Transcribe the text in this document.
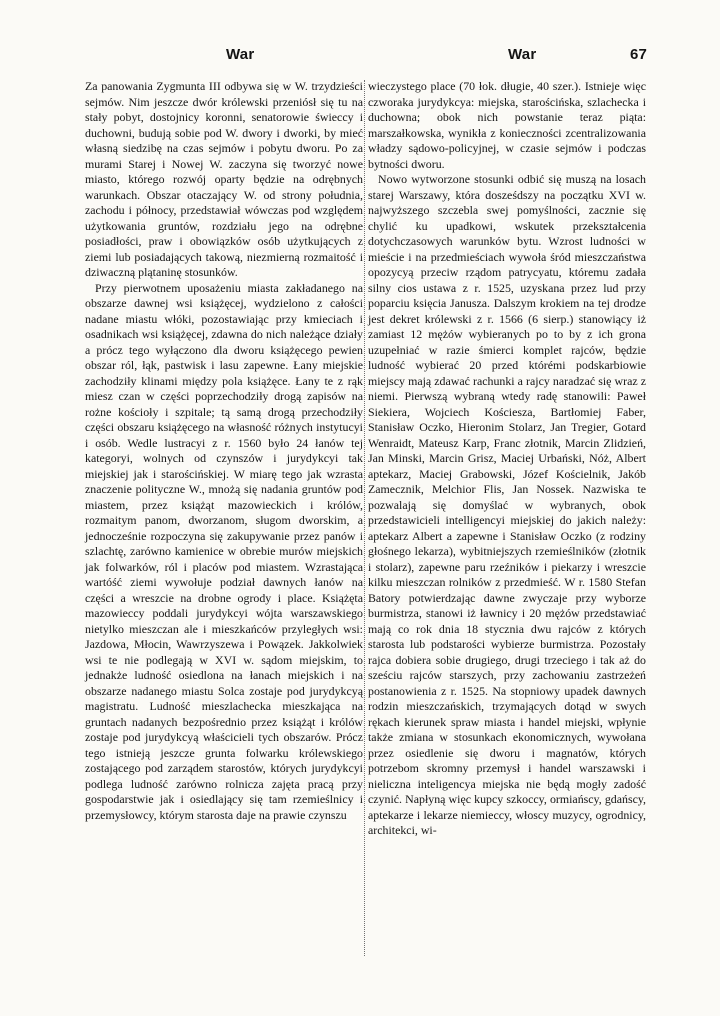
War	War	67

Za panowania Zygmunta III odbywa się w W. trzydzieści sejmów. Nim jeszcze dwór królewski przeniósł się tu na stały pobyt, dostojnicy koronni, senatorowie świeccy i duchowni, budują sobie pod W. dwory i dworki, by mieć własną siedzibę na czas sejmów i pobytu dworu. Po za murami Starej i Nowej W. zaczyna się tworzyć nowe miasto, którego rozwój oparty będzie na odrębnych warunkach. Obszar otaczający W. od strony południa, zachodu i północy, przedstawiał wówczas pod względem użytkowania gruntów, rozdziału jego na odrębne posiadłości, praw i obowiązków osób użytkujących z ziemi lub posiadających takową, niezmierną rozmaitość i dziwaczną plątaninę stosunków.

Przy pierwotnem uposażeniu miasta zakładanego na obszarze dawnej wsi książęcej, wydzielono z całości nadane miastu włóki, pozostawiając przy kmieciach i osadnikach wsi książęcej, zdawna do nich należące działy a prócz tego wyłączono dla dworu książęcego pewien obszar ról, łąk, pastwisk i lasu zapewne. Łany miejskie zachodziły klinami między pola książęce. Łany te z rąk miesz czan w części poprzechodziły drogą zapisów na rożne kościoły i szpitale; tą samą drogą przechodziły części obszaru książęcego na własność różnych instytucyi i osób. Wedle lustracyi z r. 1560 było 24 łanów tej kategoryi, wolnych od czynszów i jurydykcyi tak miejskiej jak i starościńskiej. W miarę tego jak wzrasta znaczenie polityczne W., mnożą się nadania gruntów pod miastem, przez książąt mazowieckich i królów, rozmaitym panom, dworzanom, sługom dworskim, a jednocześnie rozpoczyna się zakupywanie przez panów i szlachtę, zarówno kamienice w obrebie murów miejskich jak folwarków, ról i placów pod miastem. Wzrastająca wartóść ziemi wywołuje podział dawnych łanów na części a wreszcie na drobne ogrody i place. Książęta mazowieccy poddali jurydykcyi wójta warszawskiego nietylko mieszczan ale i mieszkańców przyległych wsi: Jazdowa, Młocin, Wawrzyszewa i Powązek. Jakkolwiek wsi te nie podlegają w XVI w. sądom miejskim, to jednakże ludność osiedlona na łanach miejskich i na obszarze nadanego miastu Solca zostaje pod jurydykcyą magistratu. Ludność mieszlachecka mieszkająca na gruntach nadanych bezpośrednio przez książąt i królów zostaje pod jurydykcyą właścicieli tych obszarów. Prócz tego istnieją jeszcze grunta folwarku królewskiego zostającego pod zarządem starostów, których jurydykcyi podlega ludność zarówno rolnicza zajęta pracą przy gospodarstwie jak i osiedlający się tam rzemieślnicy i przemysłowcy, którym starosta daje na prawie czynszu

wieczystego place (70 łok. długie, 40 szer.). Istnieje więc czworaka jurydykcya: miejska, starościńska, szlachecka i duchowna; obok nich powstanie teraz piąta: marszałkowska, wynikła z konieczności zcentralizowania władzy sądowo-policyjnej, w czasie sejmów i podczas bytności dworu.

Nowo wytworzone stosunki odbić się muszą na losach starej Warszawy, która dosześdszy na początku XVI w. najwyższego szczebla swej pomyślności, zacznie się chylić ku upadkowi, wskutek przekształcenia dotychczasowych warunków bytu. Wzrost ludności w mieście i na przedmieściach wywoła śród mieszczaństwa opozycyą przeciw rządom patrycyatu, któremu zadała silny cios ustawa z r. 1525, uzyskana przez lud przy poparciu księcia Janusza. Dalszym krokiem na tej drodze jest dekret królewski z r. 1566 (6 sierp.) stanowiący iż zamiast 12 mężów wybieranych po to by z ich grona uzupełniać w razie śmierci komplet rajców, będzie ludność wybierać 20 przed którémi podskarbiowie miejscy mają zdawać rachunki a rajcy naradzać się wraz z niemi. Pierwszą wybraną wtedy radę stanowili: Paweł Siekiera, Wojciech Kościesza, Bartłomiej Faber, Stanisław Oczko, Hieronim Stolarz, Jan Tregier, Gotard Wenraidt, Mateusz Karp, Franc złotnik, Marcin Zlidzień, Jan Minski, Marcin Grisz, Maciej Urbański, Nóż, Albert aptekarz, Maciej Grabowski, Józef Kościelnik, Jakób Zamecznik, Melchior Flis, Jan Nossek. Nazwiska te pozwalają się domyślać w wybranych, obok przedstawicieli intelligencyi miejskiej do jakich należy: aptekarz Albert a zapewne i Stanisław Oczko (z rodziny głośnego lekarza), wybitniejszych rzemieślników (złotnik i stolarz), zapewne paru rzeźników i piekarzy i wreszcie kilku mieszczan rolników z przedmieść. W r. 1580 Stefan Batory potwierdzając dawne zwyczaje przy wyborze burmistrza, stanowi iż ławnicy i 20 mężów przedstawiać mają co rok dnia 18 stycznia dwu rajców z których starosta lub podstarości wybierze burmistrza. Pozostały rajca dobiera sobie drugiego, drugi trzeciego i tak aż do sześciu rajców starszych, przy zachowaniu zastrzeżeń postanowienia z r. 1525. Na stopniowy upadek dawnych rodzin mieszczańskich, trzymających dotąd w swych rękach kierunek spraw miasta i handel miejski, wpłynie także zmiana w stosunkach ekonomicznych, wywołana przez osiedlenie się dworu i magnatów, których potrzebom skromny przemysł i handel warszawski i nieliczna inteligencya miejska nie będą mogły zadość czynić. Napłyną więc kupcy szkoccy, ormiańscy, gdańscy, aptekarze i lekarze niemieccy, włoscy muzycy, ogrodnicy, architekci, wi-
